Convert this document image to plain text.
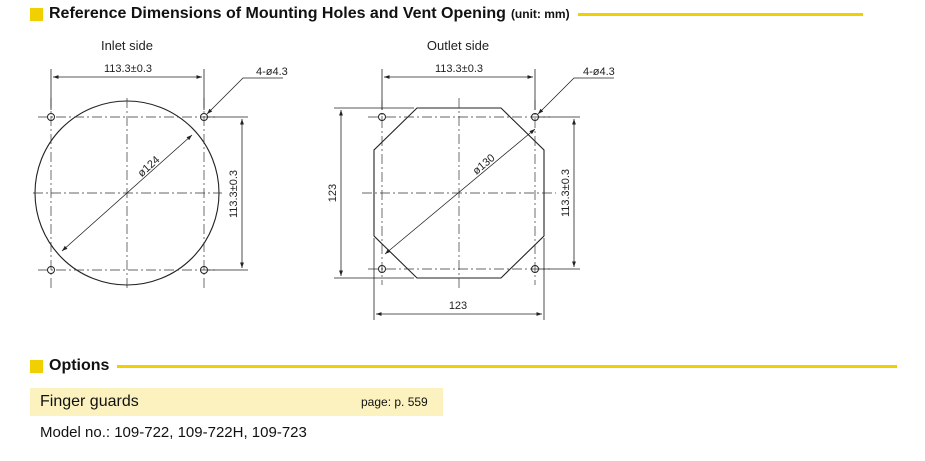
Reference Dimensions of Mounting Holes and Vent Opening (unit: mm)
Inlet side
113.3±0.3	4-ø4.3
ø124
113.3±0.3
Outlet side
113.3±0.3	4-ø4.3
ø130
123	113.3±0.3
123
Options
Finger guards	page: p. 559
Model no.: 109-722, 109-722H, 109-723
